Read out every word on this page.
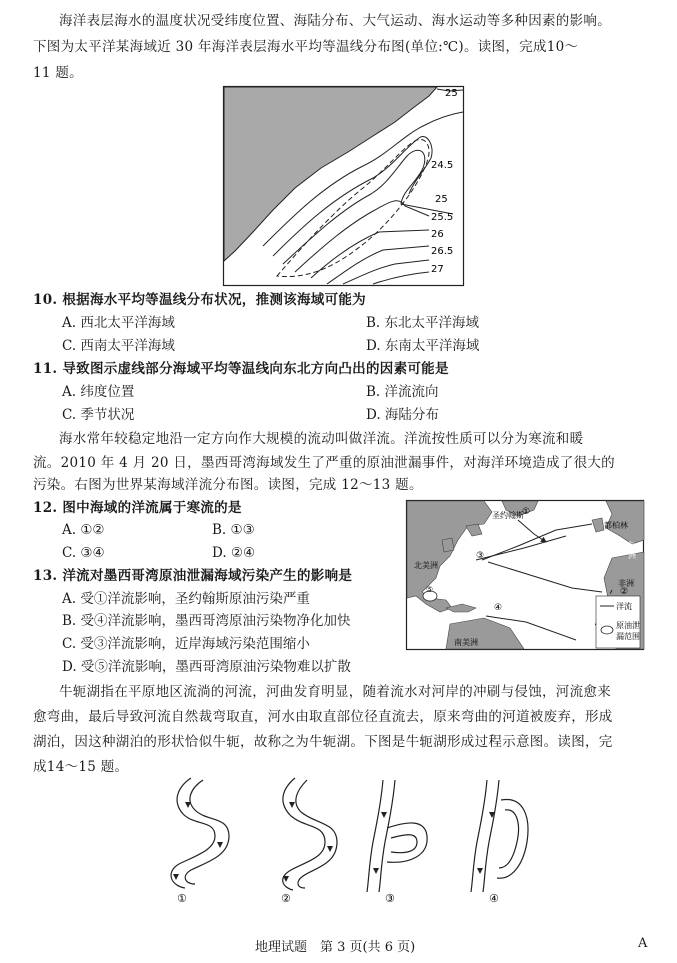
海洋表层海水的温度状况受纬度位置、海陆分布、大气运动、海水运动等多种因素的影响。
下图为太平洋某海域近 30 年海洋表层海水平均等温线分布图(单位:℃)。读图，完成10～
11 题。
25
24.5
25
25.5
26
26.5
27
10. 根据海水平均等温线分布状况，推测该海域可能为
A. 西北太平洋海域	B. 东北太平洋海域
C. 西南太平洋海域	D. 东南太平洋海域
11. 导致图示虚线部分海域平均等温线向东北方向凸出的因素可能是
A. 纬度位置	B. 洋流流向
C. 季节状况	D. 海陆分布
海水常年较稳定地沿一定方向作大规模的流动叫做洋流。洋流按性质可以分为寒流和暖
流。2010 年 4 月 20 日，墨西哥湾海域发生了严重的原油泄漏事件，对海洋环境造成了很大的
污染。右图为世界某海域洋流分布图。读图，完成 12～13 题。
12. 图中海域的洋流属于寒流的是
A. ①②	B. ①③
C. ③④	D. ②④
13. 洋流对墨西哥湾原油泄漏海域污染产生的影响是
A. 受①洋流影响，圣约翰斯原油污染严重
B. 受④洋流影响，墨西哥湾原油污染物净化加快
C. 受③洋流影响，近岸海域污染范围缩小
D. 受⑤洋流影响，墨西哥湾原油污染物难以扩散
圣约翰斯
都柏林
北美洲
欧
洲
非洲
南美洲
①
②
③
④
⑤
洋流
原油泄
漏范围
牛轭湖指在平原地区流淌的河流，河曲发育明显，随着流水对河岸的冲刷与侵蚀，河流愈来
愈弯曲，最后导致河流自然裁弯取直，河水由取直部位径直流去，原来弯曲的河道被废弃，形成
湖泊，因这种湖泊的形状恰似牛轭，故称之为牛轭湖。下图是牛轭湖形成过程示意图。读图，完
成14～15 题。
①	②	③	④
地理试题 第 3 页(共 6 页)	A
